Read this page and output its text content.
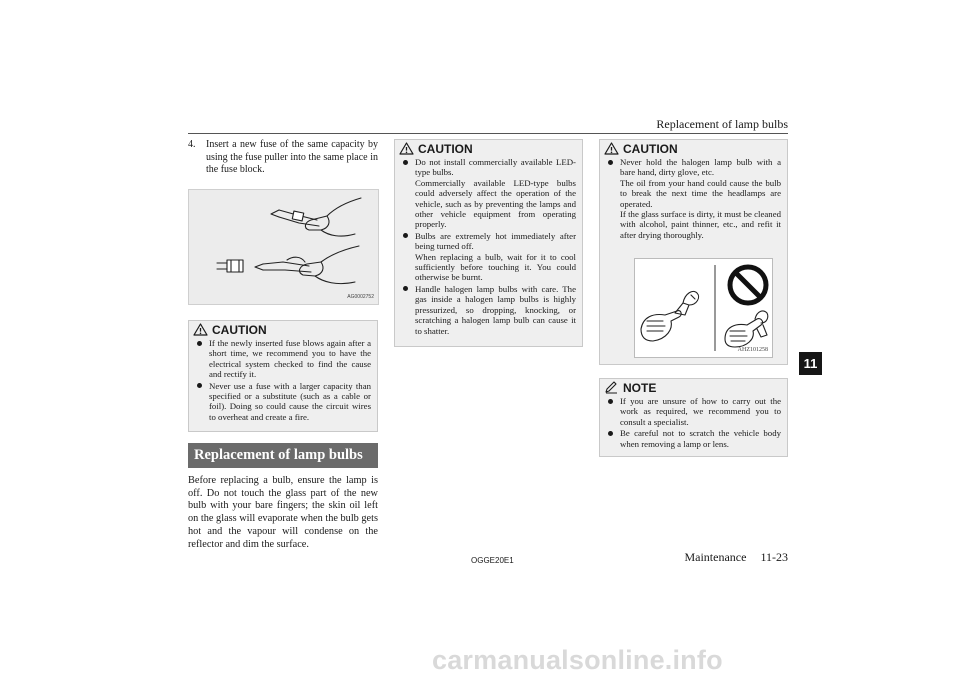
Replacement of lamp bulbs
11
4. Insert a new fuse of the same capacity by using the fuse puller into the same place in the fuse block.
AG0002752
CAUTION
If the newly inserted fuse blows again after a short time, we recommend you to have the electrical system checked to find the cause and rectify it.
Never use a fuse with a larger capacity than specified or a substitute (such as a cable or foil). Doing so could cause the circuit wires to overheat and create a fire.
Replacement of lamp bulbs
Before replacing a bulb, ensure the lamp is off. Do not touch the glass part of the new bulb with your bare fingers; the skin oil left on the glass will evaporate when the bulb gets hot and the vapour will condense on the reflector and dim the surface.
CAUTION

Do not install commercially available LED-type bulbs.

Commercially available LED-type bulbs could adversely affect the operation of the vehicle, such as by preventing the lamps and other vehicle equipment from operating properly.

Bulbs are extremely hot immediately after being turned off.

When replacing a bulb, wait for it to cool sufficiently before touching it. You could otherwise be burnt.

Handle halogen lamp bulbs with care. The gas inside a halogen lamp bulbs is highly pressurized, so dropping, knocking, or scratching a halogen lamp bulb can cause it to shatter.

CAUTION

Never hold the halogen lamp bulb with a bare hand, dirty glove, etc.

The oil from your hand could cause the bulb to break the next time the headlamps are operated.

If the glass surface is dirty, it must be cleaned with alcohol, paint thinner, etc., and refit it after drying thoroughly.

AHZ101258
NOTE
If you are unsure of how to carry out the work as required, we recommend you to consult a specialist.
Be careful not to scratch the vehicle body when removing a lamp or lens.
OGGE20E1	Maintenance 11-23
carmanualsonline.info
